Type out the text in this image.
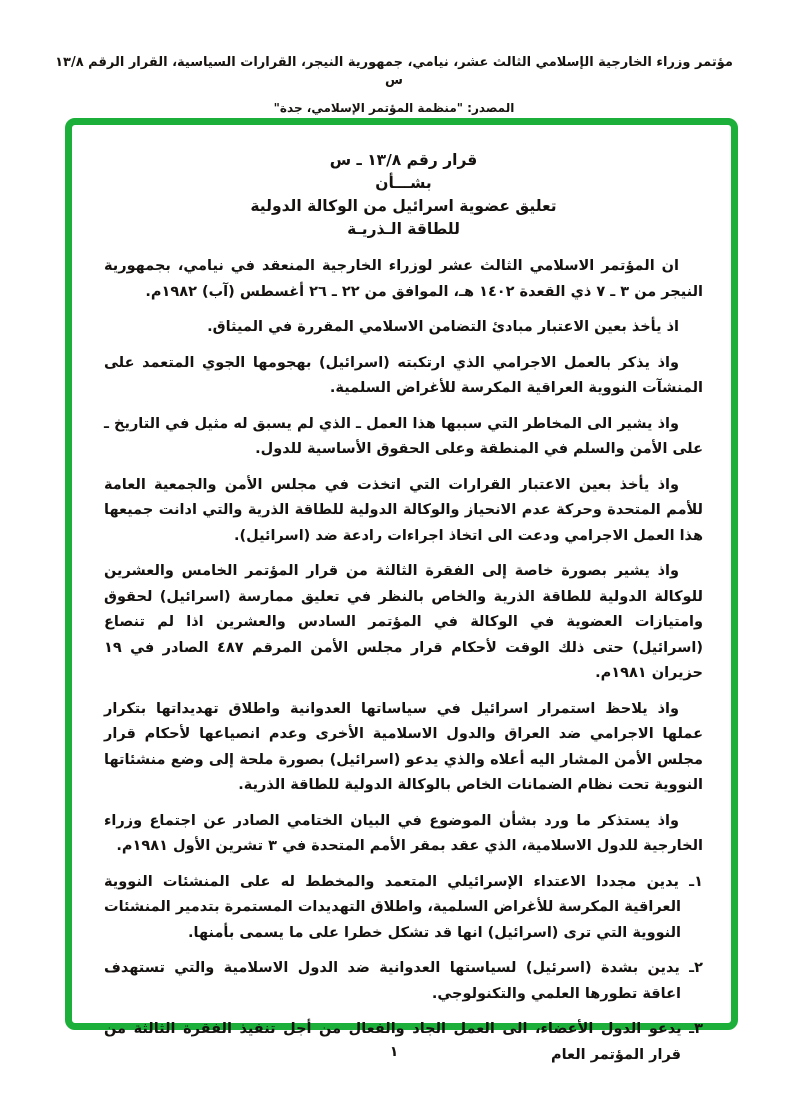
مؤتمر وزراء الخارجية الإسلامي الثالث عشر، نيامي، جمهورية النيجر، القرارات السياسية، القرار الرقم ١٣/٨ س
المصدر: "منظمة المؤتمر الإسلامي، جدة"
قرار رقم ١٣/٨ ـ س
بشـــأن
تعليق عضوية اسرائيل من الوكالة الدولية
للطاقة الـذريـة

ان المؤتمر الاسلامي الثالث عشر لوزراء الخارجية المنعقد في نيامي، بجمهورية النيجر من ٣ ـ ٧ ذي القعدة ١٤٠٢ هـ، الموافق من ٢٢ ـ ٢٦ أغسطس (آب) ١٩٨٢م.

اذ يأخذ بعين الاعتبار مبادئ التضامن الاسلامي المقررة في الميثاق.

واذ يذكر بالعمل الاجرامي الذي ارتكبته (اسرائيل) بهجومها الجوي المتعمد على المنشآت النووية العراقية المكرسة للأغراض السلمية.

واذ يشير الى المخاطر التي سببها هذا العمل ـ الذي لم يسبق له مثيل في التاريخ ـ على الأمن والسلم في المنطقة وعلى الحقوق الأساسية للدول.

واذ يأخذ بعين الاعتبار القرارات التي اتخذت في مجلس الأمن والجمعية العامة للأمم المتحدة وحركة عدم الانحياز والوكالة الدولية للطاقة الذرية والتي ادانت جميعها هذا العمل الاجرامي ودعت الى اتخاذ اجراءات رادعة ضد (اسرائيل).

واذ يشير بصورة خاصة إلى الفقرة الثالثة من قرار المؤتمر الخامس والعشرين للوكالة الدولية للطاقة الذرية والخاص بالنظر في تعليق ممارسة (اسرائيل) لحقوق وامتيازات العضوية في الوكالة في المؤتمر السادس والعشرين اذا لم تنصاع (اسرائيل) حتى ذلك الوقت لأحكام قرار مجلس الأمن المرقم ٤٨٧ الصادر في ١٩ حزيران ١٩٨١م.

واذ يلاحظ استمرار اسرائيل في سياساتها العدوانية واطلاق تهديداتها بتكرار عملها الاجرامي ضد العراق والدول الاسلامية الأخرى وعدم انصياعها لأحكام قرار مجلس الأمن المشار اليه أعلاه والذي يدعو (اسرائيل) بصورة ملحة إلى وضع منشئاتها النووية تحت نظام الضمانات الخاص بالوكالة الدولية للطاقة الذرية.

واذ يستذكر ما ورد بشأن الموضوع في البيان الختامي الصادر عن اجتماع وزراء الخارجية للدول الاسلامية، الذي عقد بمقر الأمم المتحدة في ٣ تشرين الأول ١٩٨١م.

١ـ يدين مجددا الاعتداء الإسرائيلي المتعمد والمخطط له على المنشئات النووية العراقية المكرسة للأغراض السلمية، واطلاق التهديدات المستمرة بتدمير المنشئات النووية التي ترى (اسرائيل) انها قد تشكل خطرا على ما يسمى بأمنها.

٢ـ يدين بشدة (اسرئيل) لسياستها العدوانية ضد الدول الاسلامية والتي تستهدف اعاقة تطورها العلمي والتكنولوجي.

٣ـ يدعو الدول الأعضاء، الى العمل الجاد والفعال من أجل تنفيذ الفقرة الثالثة من قرار المؤتمر العام

١
